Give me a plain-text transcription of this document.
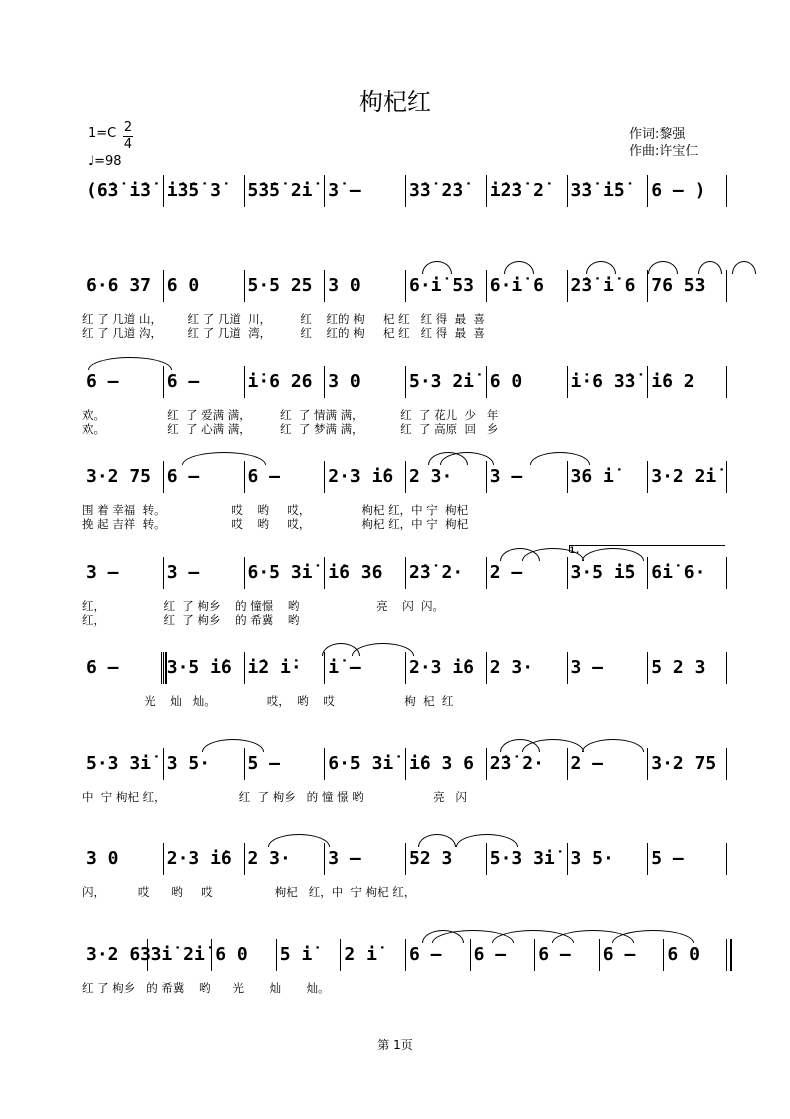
枸杞红
1=C 2
4
♩=98
作词:黎强
作曲:许宝仁
(6̇3̇ i̇3̇ i̇3̇5̇ 3̇	5̇3̇5̇ 2̇i̇ 3̇ –	3̇3̇ 2̇3̇	i̇2̇3̇ 2̇	3̇3̇ i̇5̇	6 – )
6·6 37 6 0	5·5 25 3 0	6·i̇ 53 6·i̇ 6	2̇3̇ i̇ 6 76 53
红 了 几道 山，       红 了 几道  川，        红    红的 枸     杞 红   红 得  最  喜
红 了 几道 沟，       红 了 几道  湾，        红    红的 枸     杞 红   红 得  最  喜
6 –	6 –	i̇·6 26 3 0	5·3 2i̇ 6 0	i̇·6 3̇3̇ i̇6 2
欢。                 红  了 爱满 满，        红  了 情满 满，          红  了 花儿  少   年
欢。                 红  了 心满 满，        红  了 梦满 满，          红  了 高原  回   乡
3·2 75 6 –	6 –	2·3 i̇6 2 3·	3 –	36 i̇	3·2 2i̇
围 着 幸福  转。                  哎    哟     哎，              枸杞 红，中 宁  枸杞
挽 起 吉祥  转。                  哎    哟     哎，              枸杞 红，中 宁  枸杞
3 –	3 –	6·5 3i̇ i̇6 36	2̇3̇ 2·	2 –	3·5 i̇5 6i̇ 6·
1.
红，                红  了 枸乡    的 憧憬    哟                     亮    闪  闪。
红，                红  了 枸乡    的 希冀    哟
6 –	3·5 i̇6 i̇2 i̇·	i̇ –	2·3 i̇6 2 3·	3 –	5 2 3
光    灿   灿。              哎，  哟    哎                   枸  杞  红
5·3 3i̇ 3 5·	5 –	6·5 3i̇ i̇6 3 6 2̇3̇ 2·	2 –	3·2 75
中  宁 枸杞 红，                    红  了 枸乡   的 憧 憬 哟                   亮   闪
3 0	2·3 i̇6 2 3·	3 –	52 3	5·3 3i̇ 3 5·	5 –
闪，         哎      哟     哎                 枸杞   红，中  宁 枸杞 红，
3·2 63 3i̇ 2i̇ 6 0	5 i̇	2 i̇	6 –	6 –	6 –	6 –	6 0
红 了 枸乡   的 希冀    哟      光       灿       灿。
第 1页
